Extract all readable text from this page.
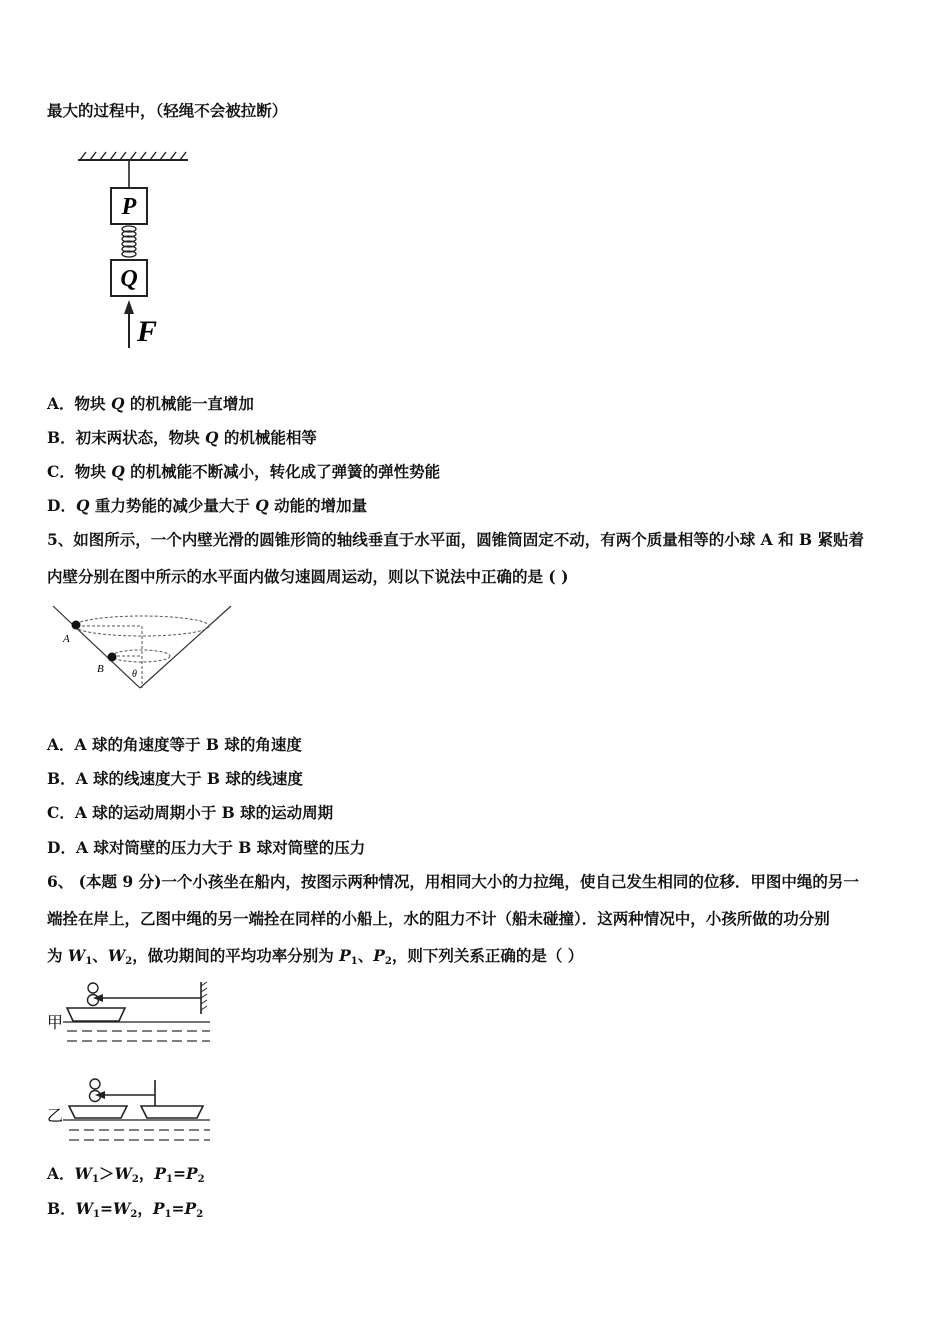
最大的过程中，（轻绳不会被拉断）
P
Q
F
A．物块 Q 的机械能一直增加
B．初末两状态，物块 Q 的机械能相等
C．物块 Q 的机械能不断减小，转化成了弹簧的弹性势能
D．Q 重力势能的减少量大于 Q 动能的增加量
5、如图所示，一个内壁光滑的圆锥形筒的轴线垂直于水平面，圆锥筒固定不动，有两个质量相等的小球 A 和 B 紧贴着
内壁分别在图中所示的水平面内做匀速圆周运动，则以下说法中正确的是 ( )
A
B	θ
A．A 球的角速度等于 B 球的角速度
B．A 球的线速度大于 B 球的线速度
C．A 球的运动周期小于 B 球的运动周期
D．A 球对筒壁的压力大于 B 球对筒壁的压力
6、 (本题 9 分)一个小孩坐在船内，按图示两种情况，用相同大小的力拉绳，使自己发生相同的位移．甲图中绳的另一
端拴在岸上，乙图中绳的另一端拴在同样的小船上，水的阻力不计（船未碰撞）．这两种情况中，小孩所做的功分别
为 $W_1$、$W_2$，做功期间的平均功率分别为 $P_1$、$P_2$，则下列关系正确的是（ ）
甲
乙
A．$W_1>W_2$，$P_1=P_2$
B．$W_1=W_2$，$P_1=P_2$
